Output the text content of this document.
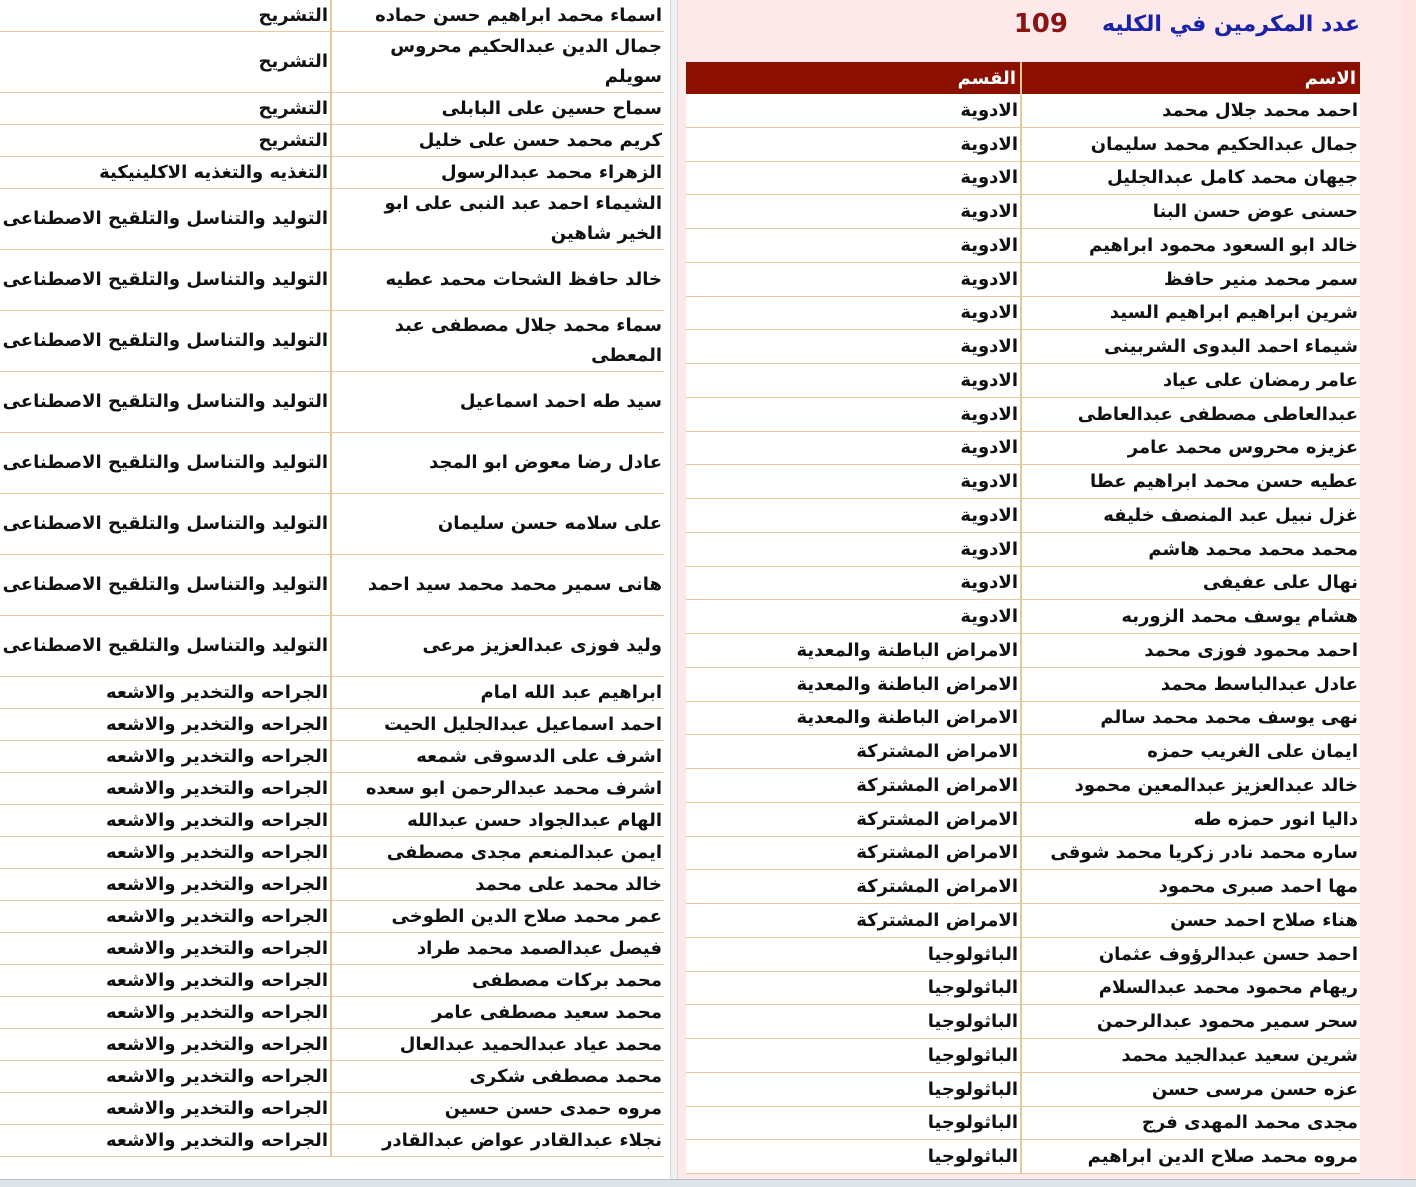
اسماء محمد ابراهيم حسن حماده	التشريح
جمال الدين عبدالحكيم محروس سويلم	التشريح
سماح حسين على البابلى	التشريح
كريم محمد حسن على خليل	التشريح
الزهراء محمد عبدالرسول	التغذيه والتغذيه الاكلينيكية
الشيماء احمد عبد النبى على ابو الخير شاهين	التوليد والتناسل والتلقيح الاصطناعى
خالد حافظ الشحات محمد عطيه	التوليد والتناسل والتلقيح الاصطناعى
سماء محمد جلال مصطفى عبد المعطى	التوليد والتناسل والتلقيح الاصطناعى
سيد طه احمد اسماعيل	التوليد والتناسل والتلقيح الاصطناعى
عادل رضا معوض ابو المجد	التوليد والتناسل والتلقيح الاصطناعى
على سلامه حسن سليمان	التوليد والتناسل والتلقيح الاصطناعى
هانى سمير محمد محمد سيد احمد	التوليد والتناسل والتلقيح الاصطناعى
وليد فوزى عبدالعزيز مرعى	التوليد والتناسل والتلقيح الاصطناعى
ابراهيم عبد الله امام	الجراحه والتخدير والاشعه
احمد اسماعيل عبدالجليل الحيت	الجراحه والتخدير والاشعه
اشرف على الدسوقى شمعه	الجراحه والتخدير والاشعه
اشرف محمد عبدالرحمن ابو سعده	الجراحه والتخدير والاشعه
الهام عبدالجواد حسن عبدالله	الجراحه والتخدير والاشعه
ايمن عبدالمنعم مجدى مصطفى	الجراحه والتخدير والاشعه
خالد محمد على محمد	الجراحه والتخدير والاشعه
عمر محمد صلاح الدين الطوخى	الجراحه والتخدير والاشعه
فيصل عبدالصمد محمد طراد	الجراحه والتخدير والاشعه
محمد بركات مصطفى	الجراحه والتخدير والاشعه
محمد سعيد مصطفى عامر	الجراحه والتخدير والاشعه
محمد عياد عبدالحميد عبدالعال	الجراحه والتخدير والاشعه
محمد مصطفى شكرى	الجراحه والتخدير والاشعه
مروه حمدى حسن حسين	الجراحه والتخدير والاشعه
نجلاء عبدالقادر عواض عبدالقادر	الجراحه والتخدير والاشعه
عدد المكرمين في الكليه
109
الاسم	القسم
احمد محمد جلال محمد	الادوية
جمال عبدالحكيم محمد سليمان	الادوية
جيهان محمد كامل عبدالجليل	الادوية
حسنى عوض حسن البنا	الادوية
خالد ابو السعود محمود ابراهيم	الادوية
سمر محمد منير حافظ	الادوية
شرين ابراهيم ابراهيم السيد	الادوية
شيماء احمد البدوى الشربينى	الادوية
عامر رمضان على عياد	الادوية
عبدالعاطى مصطفى عبدالعاطى	الادوية
عزيزه محروس محمد عامر	الادوية
عطيه حسن محمد ابراهيم عطا	الادوية
غزل نبيل عبد المنصف خليفه	الادوية
محمد محمد محمد هاشم	الادوية
نهال على عفيفى	الادوية
هشام يوسف محمد الزوربه	الادوية
احمد محمود فوزى محمد	الامراض الباطنة والمعدية
عادل عبدالباسط محمد	الامراض الباطنة والمعدية
نهى يوسف محمد محمد سالم	الامراض الباطنة والمعدية
ايمان على الغريب حمزه	الامراض المشتركة
خالد عبدالعزيز عبدالمعين محمود	الامراض المشتركة
داليا انور حمزه طه	الامراض المشتركة
ساره محمد نادر زكريا محمد شوقى	الامراض المشتركة
مها احمد صبرى محمود	الامراض المشتركة
هناء صلاح احمد حسن	الامراض المشتركة
احمد حسن عبدالرؤوف عثمان	الباثولوجيا
ريهام محمود محمد عبدالسلام	الباثولوجيا
سحر سمير محمود عبدالرحمن	الباثولوجيا
شرين سعيد عبدالجيد محمد	الباثولوجيا
عزه حسن مرسى حسن	الباثولوجيا
مجدى محمد المهدى فرج	الباثولوجيا
مروه محمد صلاح الدين ابراهيم	الباثولوجيا
